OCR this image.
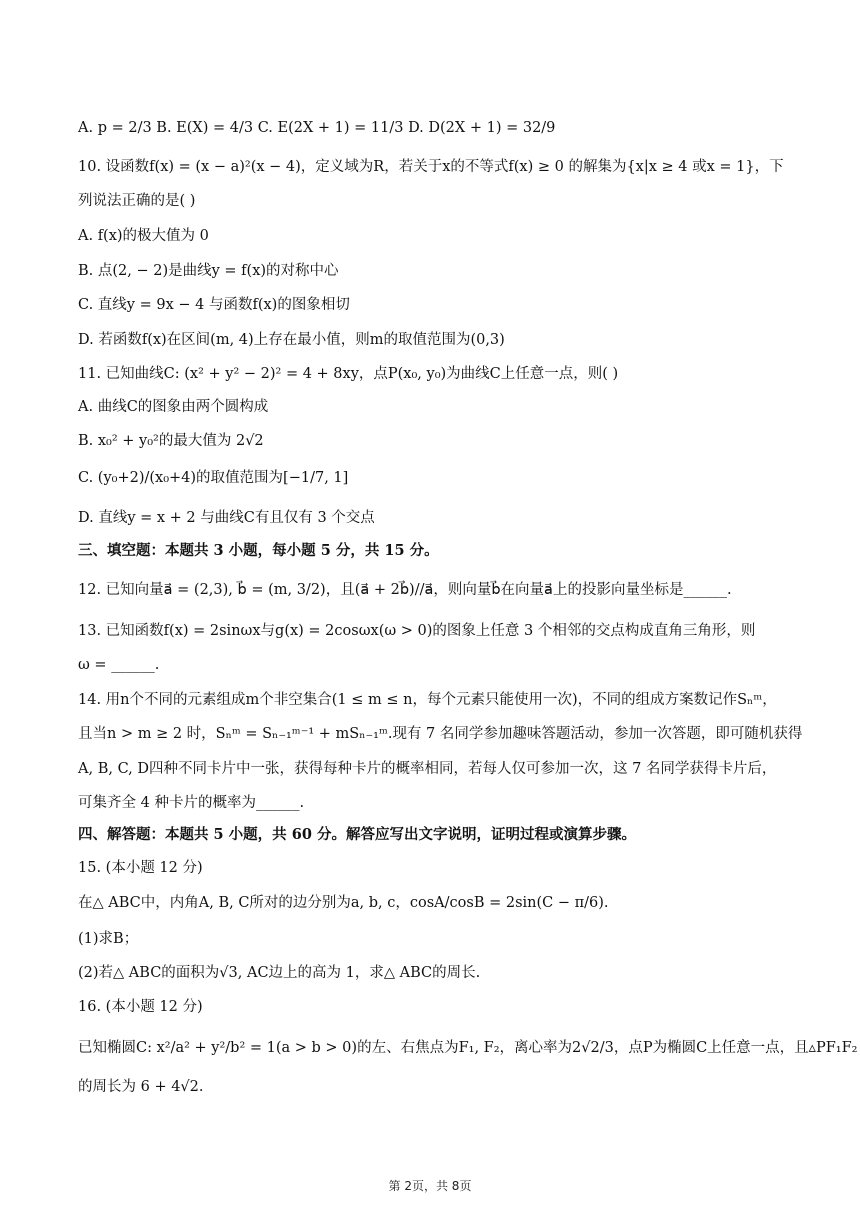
A. p = 2/3 B. E(X) = 4/3 C. E(2X + 1) = 11/3 D. D(2X + 1) = 32/9
10. 设函数f(x) = (x − a)²(x − 4)，定义域为R，若关于x的不等式f(x) ≥ 0 的解集为{x|x ≥ 4 或x = 1}，下
列说法正确的是( )
A. f(x)的极大值为 0
B. 点(2, − 2)是曲线y = f(x)的对称中心
C. 直线y = 9x − 4 与函数f(x)的图象相切
D. 若函数f(x)在区间(m, 4)上存在最小值，则m的取值范围为(0,3)
11. 已知曲线C: (x² + y² − 2)² = 4 + 8xy，点P(x₀, y₀)为曲线C上任意一点，则( )
A. 曲线C的图象由两个圆构成
B. x₀² + y₀²的最大值为 2√2
C. (y₀+2)/(x₀+4)的取值范围为[−1/7, 1]
D. 直线y = x + 2 与曲线C有且仅有 3 个交点
三、填空题：本题共 3 小题，每小题 5 分，共 15 分。
12. 已知向量a⃗ = (2,3), b⃗ = (m, 3/2)，且(a⃗ + 2b⃗)//a⃗，则向量b⃗在向量a⃗上的投影向量坐标是______.
13. 已知函数f(x) = 2sinωx与g(x) = 2cosωx(ω > 0)的图象上任意 3 个相邻的交点构成直角三角形，则
ω = ______.
14. 用n个不同的元素组成m个非空集合(1 ≤ m ≤ n，每个元素只能使用一次)，不同的组成方案数记作Sₙᵐ，
且当n > m ≥ 2 时，Sₙᵐ = Sₙ₋₁ᵐ⁻¹ + mSₙ₋₁ᵐ.现有 7 名同学参加趣味答题活动，参加一次答题，即可随机获得
A, B, C, D四种不同卡片中一张，获得每种卡片的概率相同，若每人仅可参加一次，这 7 名同学获得卡片后，
可集齐全 4 种卡片的概率为______.
四、解答题：本题共 5 小题，共 60 分。解答应写出文字说明，证明过程或演算步骤。
15. (本小题 12 分)
在△ ABC中，内角A, B, C所对的边分别为a, b, c，cosA/cosB = 2sin(C − π/6).
(1)求B；
(2)若△ ABC的面积为√3, AC边上的高为 1，求△ ABC的周长.
16. (本小题 12 分)
已知椭圆C: x²/a² + y²/b² = 1(a > b > 0)的左、右焦点为F₁, F₂，离心率为2√2/3，点P为椭圆C上任意一点，且▵PF₁F₂
的周长为 6 + 4√2.
第 2页，共 8页
